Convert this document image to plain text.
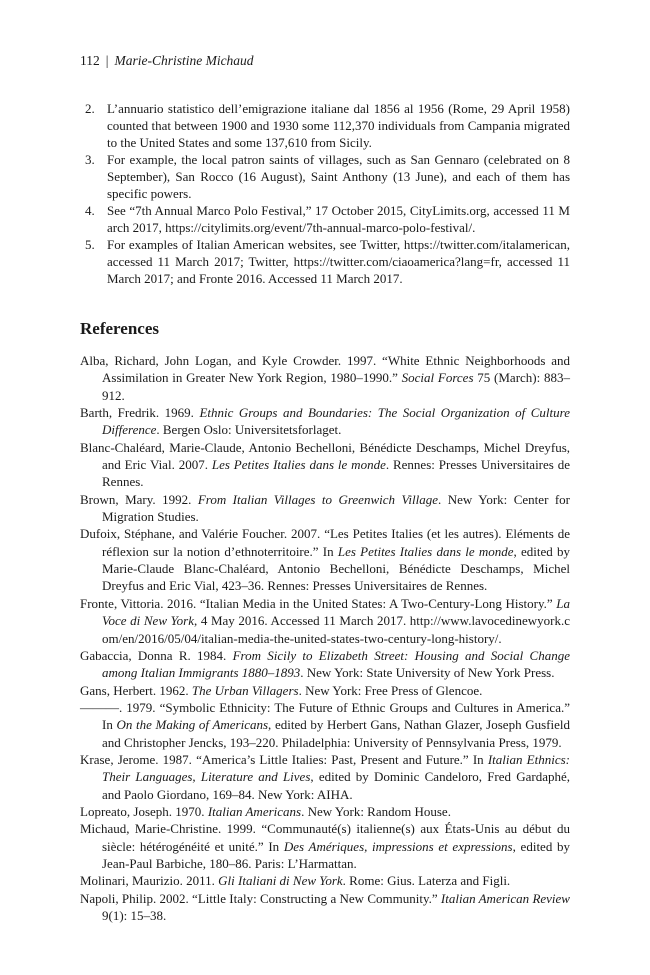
112 | Marie-Christine Michaud
2. L’annuario statistico dell’emigrazione italiane dal 1856 al 1956 (Rome, 29 April 1958) counted that between 1900 and 1930 some 112,370 individuals from Campania migrated to the United States and some 137,610 from Sicily.
3. For example, the local patron saints of villages, such as San Gennaro (celebrated on 8 September), San Rocco (16 August), Saint Anthony (13 June), and each of them has specific powers.
4. See “7th Annual Marco Polo Festival,” 17 October 2015, CityLimits.org, accessed 11 March 2017, https://citylimits.org/event/7th-annual-marco-polo-festival/.
5. For examples of Italian American websites, see Twitter, https://twitter.com/italamerican, accessed 11 March 2017; Twitter, https://twitter.com/ciaoamerica?lang=fr, accessed 11 March 2017; and Fronte 2016. Accessed 11 March 2017.
References

Alba, Richard, John Logan, and Kyle Crowder. 1997. “White Ethnic Neighborhoods and Assimilation in Greater New York Region, 1980–1990.” Social Forces 75 (March): 883–912.

Barth, Fredrik. 1969. Ethnic Groups and Boundaries: The Social Organization of Culture Difference. Bergen Oslo: Universitetsforlaget.

Blanc-Chaléard, Marie-Claude, Antonio Bechelloni, Bénédicte Deschamps, Michel Dreyfus, and Eric Vial. 2007. Les Petites Italies dans le monde. Rennes: Presses Universitaires de Rennes.

Brown, Mary. 1992. From Italian Villages to Greenwich Village. New York: Center for Migration Studies.

Dufoix, Stéphane, and Valérie Foucher. 2007. “Les Petites Italies (et les autres). Eléments de réflexion sur la notion d’ethnoterritoire.” In Les Petites Italies dans le monde, edited by Marie-Claude Blanc-Chaléard, Antonio Bechelloni, Bénédicte Deschamps, Michel Dreyfus and Eric Vial, 423–36. Rennes: Presses Universitaires de Rennes.

Fronte, Vittoria. 2016. “Italian Media in the United States: A Two-Century-Long History.” La Voce di New York, 4 May 2016. Accessed 11 March 2017. http://www.lavocedinewyork.com/en/2016/05/04/italian-media-the-united-states-two-century-long-history/.

Gabaccia, Donna R. 1984. From Sicily to Elizabeth Street: Housing and Social Change among Italian Immigrants 1880–1893. New York: State University of New York Press.

Gans, Herbert. 1962. The Urban Villagers. New York: Free Press of Glencoe.

———. 1979. “Symbolic Ethnicity: The Future of Ethnic Groups and Cultures in America.” In On the Making of Americans, edited by Herbert Gans, Nathan Glazer, Joseph Gusfield and Christopher Jencks, 193–220. Philadelphia: University of Pennsylvania Press, 1979.

Krase, Jerome. 1987. “America’s Little Italies: Past, Present and Future.” In Italian Ethnics: Their Languages, Literature and Lives, edited by Dominic Candeloro, Fred Gardaphé, and Paolo Giordano, 169–84. New York: AIHA.

Lopreato, Joseph. 1970. Italian Americans. New York: Random House.

Michaud, Marie-Christine. 1999. “Communauté(s) italienne(s) aux États-Unis au début du siècle: hétérogénéité et unité.” In Des Amériques, impressions et expressions, edited by Jean-Paul Barbiche, 180–86. Paris: L’Harmattan.

Molinari, Maurizio. 2011. Gli Italiani di New York. Rome: Gius. Laterza and Figli.

Napoli, Philip. 2002. “Little Italy: Constructing a New Community.” Italian American Review 9(1): 15–38.
